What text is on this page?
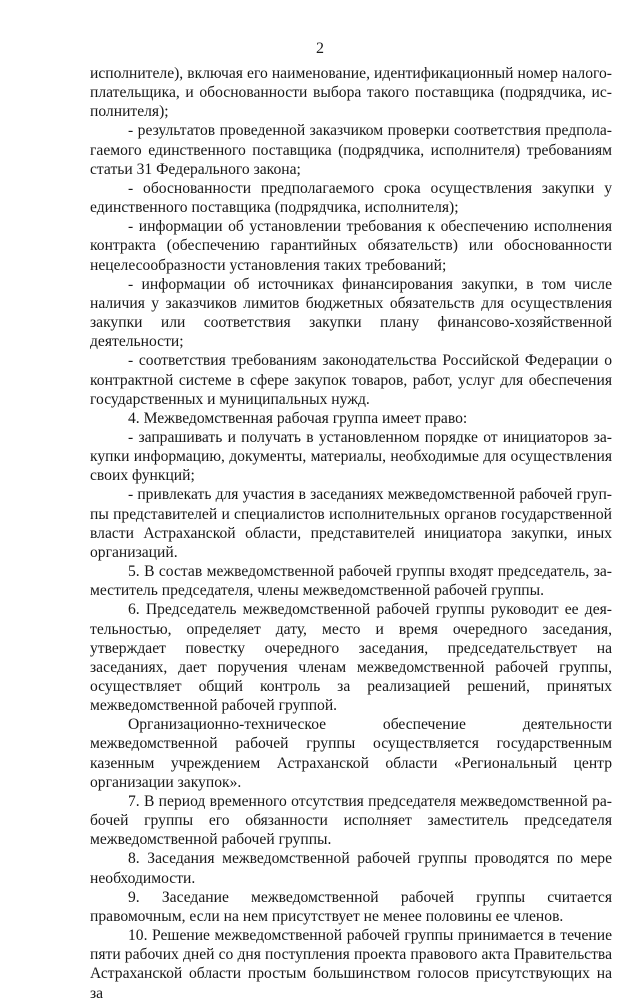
2

исполнителе), включая его наименование, идентификационный номер налогоплательщика, и обоснованности выбора такого поставщика (подрядчика, исполнителя);

- результатов проведенной заказчиком проверки соответствия предполагаемого единственного поставщика (подрядчика, исполнителя) требованиям статьи 31 Федерального закона;

- обоснованности предполагаемого срока осуществления закупки у единственного поставщика (подрядчика, исполнителя);

- информации об установлении требования к обеспечению исполнения контракта (обеспечению гарантийных обязательств) или обоснованности нецелесообразности установления таких требований;

- информации об источниках финансирования закупки, в том числе наличия у заказчиков лимитов бюджетных обязательств для осуществления закупки или соответствия закупки плану финансово-хозяйственной деятельности;

- соответствия требованиям законодательства Российской Федерации о контрактной системе в сфере закупок товаров, работ, услуг для обеспечения государственных и муниципальных нужд.

4. Межведомственная рабочая группа имеет право:

- запрашивать и получать в установленном порядке от инициаторов закупки информацию, документы, материалы, необходимые для осуществления своих функций;

- привлекать для участия в заседаниях межведомственной рабочей группы представителей и специалистов исполнительных органов государственной власти Астраханской области, представителей инициатора закупки, иных организаций.

5. В состав межведомственной рабочей группы входят председатель, заместитель председателя, члены межведомственной рабочей группы.

6. Председатель межведомственной рабочей группы руководит ее деятельностью, определяет дату, место и время очередного заседания, утверждает повестку очередного заседания, председательствует на заседаниях, дает поручения членам межведомственной рабочей группы, осуществляет общий контроль за реализацией решений, принятых межведомственной рабочей группой.

Организационно-техническое обеспечение деятельности межведомственной рабочей группы осуществляется государственным казенным учреждением Астраханской области «Региональный центр организации закупок».

7. В период временного отсутствия председателя межведомственной рабочей группы его обязанности исполняет заместитель председателя межведомственной рабочей группы.

8. Заседания межведомственной рабочей группы проводятся по мере необходимости.

9. Заседание межведомственной рабочей группы считается правомочным, если на нем присутствует не менее половины ее членов.

10. Решение межведомственной рабочей группы принимается в течение пяти рабочих дней со дня поступления проекта правового акта Правительства Астраханской области простым большинством голосов присутствующих на за
